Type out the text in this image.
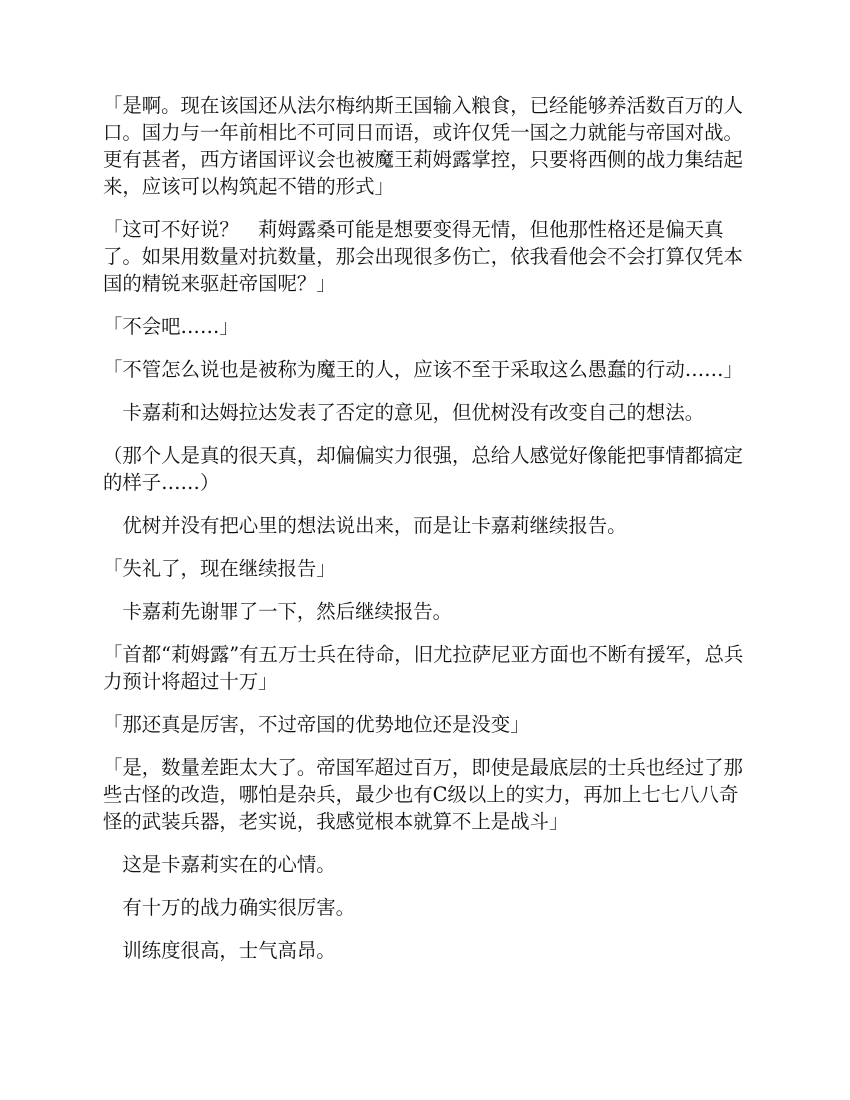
「是啊。现在该国还从法尔梅纳斯王国输入粮食，已经能够养活数百万的人口。国力与一年前相比不可同日而语，或许仅凭一国之力就能与帝国对战。更有甚者，西方诸国评议会也被魔王莉姆露掌控，只要将西侧的战力集结起来，应该可以构筑起不错的形式」

「这可不好说？　莉姆露桑可能是想要变得无情，但他那性格还是偏天真了。如果用数量对抗数量，那会出现很多伤亡，依我看他会不会打算仅凭本国的精锐来驱赶帝国呢？」

「不会吧……」

「不管怎么说也是被称为魔王的人，应该不至于采取这么愚蠢的行动……」

　卡嘉莉和达姆拉达发表了否定的意见，但优树没有改变自己的想法。

（那个人是真的很天真，却偏偏实力很强，总给人感觉好像能把事情都搞定的样子……）

　优树并没有把心里的想法说出来，而是让卡嘉莉继续报告。

「失礼了，现在继续报告」

　卡嘉莉先谢罪了一下，然后继续报告。

「首都“莉姆露”有五万士兵在待命，旧尤拉萨尼亚方面也不断有援军，总兵力预计将超过十万」

「那还真是厉害，不过帝国的优势地位还是没变」

「是，数量差距太大了。帝国军超过百万，即使是最底层的士兵也经过了那些古怪的改造，哪怕是杂兵，最少也有C级以上的实力，再加上七七八八奇怪的武装兵器，老实说，我感觉根本就算不上是战斗」

　这是卡嘉莉实在的心情。

　有十万的战力确实很厉害。

　训练度很高，士气高昂。
